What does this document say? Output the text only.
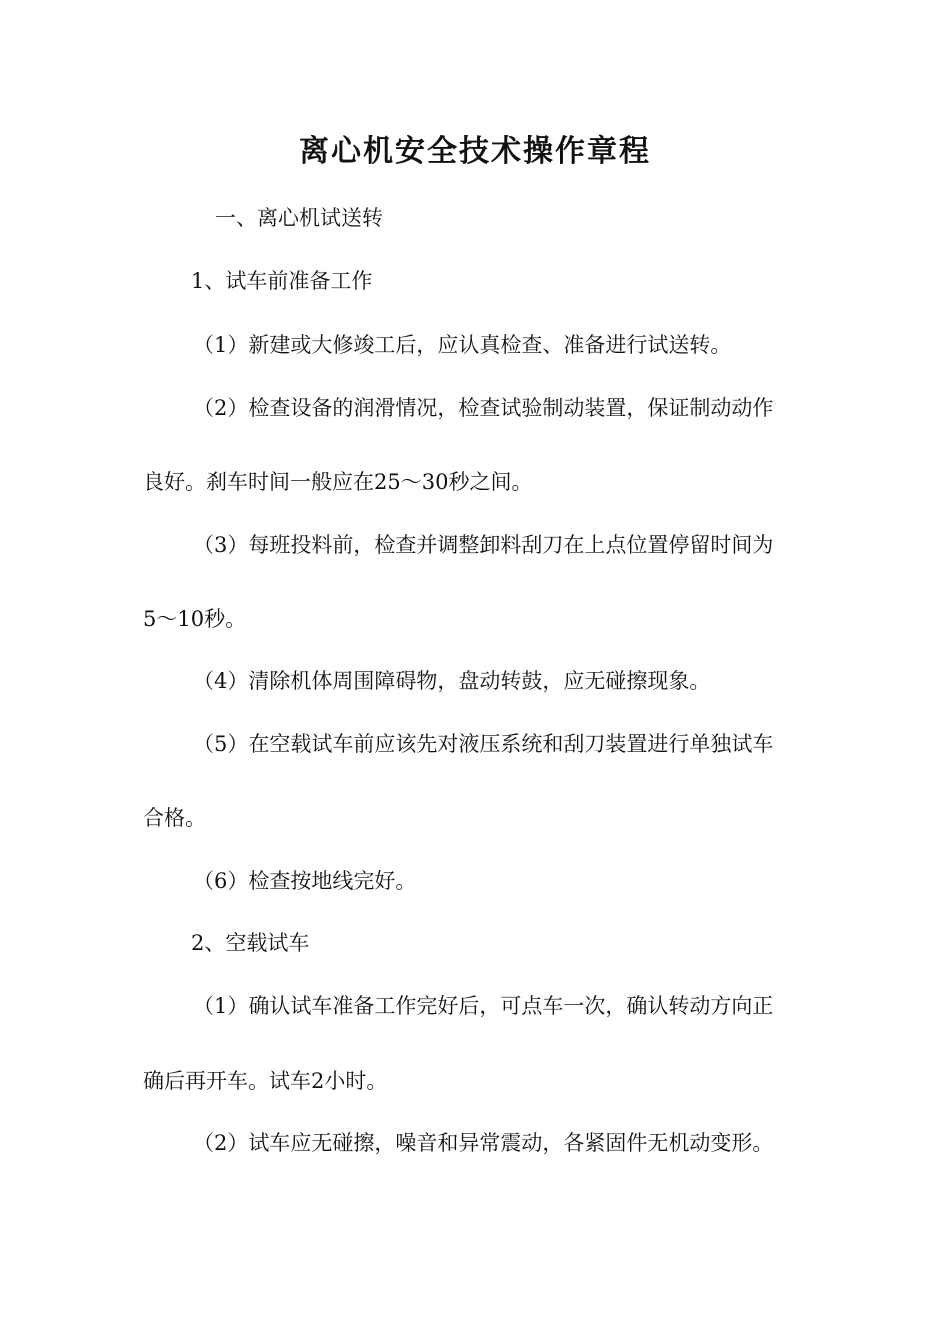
离心机安全技术操作章程
一、离心机试送转
1、试车前准备工作
（1）新建或大修竣工后，应认真检查、准备进行试送转。
（2）检查设备的润滑情况，检查试验制动装置，保证制动动作
良好。刹车时间一般应在25～30秒之间。
（3）每班投料前，检查并调整卸料刮刀在上点位置停留时间为
5～10秒。
（4）清除机体周围障碍物，盘动转鼓，应无碰擦现象。
（5）在空载试车前应该先对液压系统和刮刀装置进行单独试车
合格。
（6）检查按地线完好。
2、空载试车
（1）确认试车准备工作完好后，可点车一次，确认转动方向正
确后再开车。试车2小时。
（2）试车应无碰擦，噪音和异常震动，各紧固件无机动变形。
